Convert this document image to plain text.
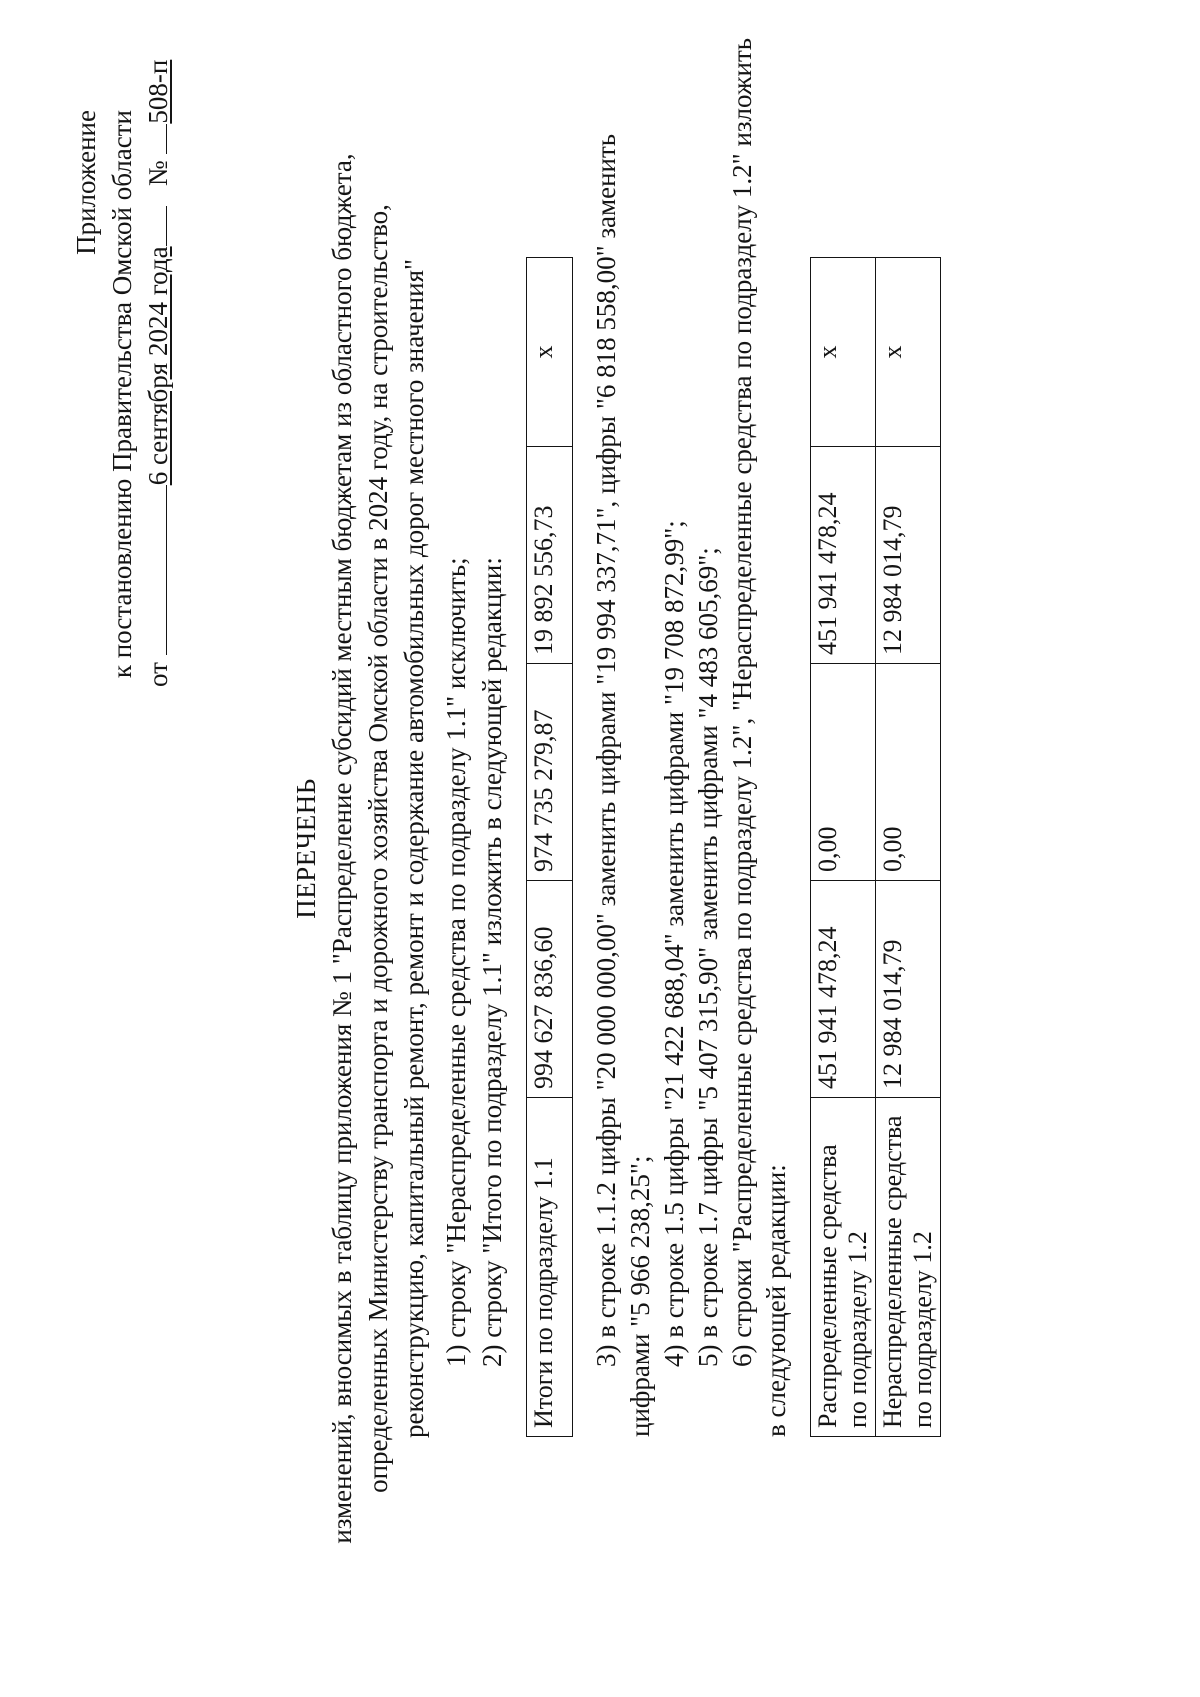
Приложение к постановлению Правительства Омской области от 6 сентября 2024 года   № 508-п
ПЕРЕЧЕНЬ изменений, вносимых в таблицу приложения № 1 "Распределение субсидий местным бюджетам из областного бюджета, определенных Министерству транспорта и дорожного хозяйства Омской области в 2024 году, на строительство, реконструкцию, капитальный ремонт, ремонт и содержание автомобильных дорог местного значения" 1) строку "Нераспределенные средства по подразделу 1.1" исключить; 2) строку "Итого по подразделу 1.1" изложить в следующей редакции: Итоги по подразделу 1.1	994 627 836,60	974 735 279,87	19 892 556,73	x 3) в строке 1.1.2 цифры "20 000 000,00" заменить цифрами "19 994 337,71", цифры "6 818 558,00" заменить цифрами "5 966 238,25"; 4) в строке 1.5 цифры "21 422 688,04" заменить цифрами "19 708 872,99"; 5) в строке 1.7 цифры "5 407 315,90" заменить цифрами "4 483 605,69"; 6) строки "Распределенные средства по подразделу 1.2", "Нераспределенные средства по подразделу 1.2" изложить в следующей редакции: Распределенные средства по подразделу 1.2	451 941 478,24	0,00	451 941 478,24	x

Нераспределенные средства по подразделу 1.2	12 984 014,79	0,00	12 984 014,79	x
